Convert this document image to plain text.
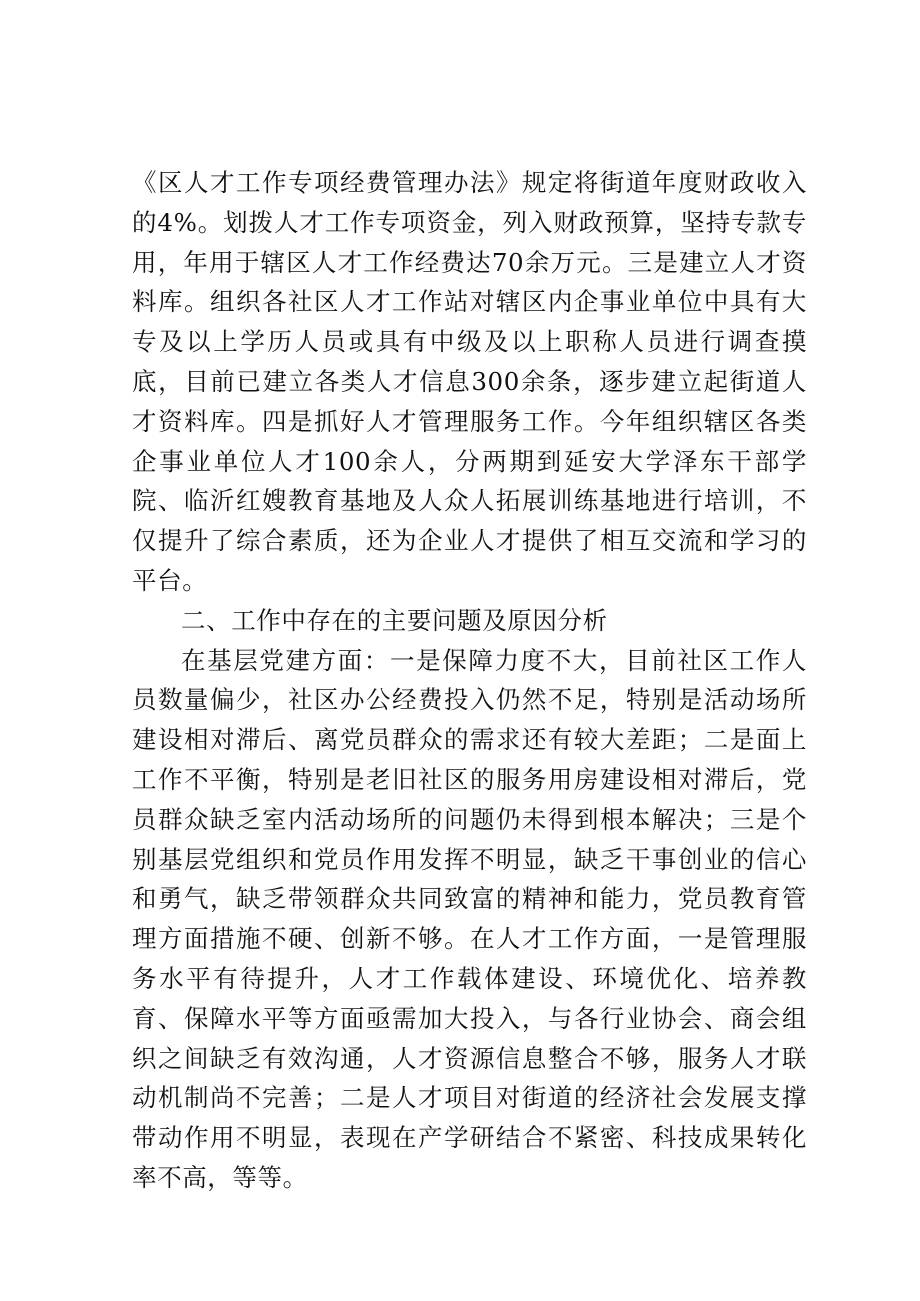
《区人才工作专项经费管理办法》规定将街道年度财政收入的4%。划拨人才工作专项资金，列入财政预算，坚持专款专用，年用于辖区人才工作经费达70余万元。三是建立人才资料库。组织各社区人才工作站对辖区内企事业单位中具有大专及以上学历人员或具有中级及以上职称人员进行调查摸底，目前已建立各类人才信息300余条，逐步建立起街道人才资料库。四是抓好人才管理服务工作。今年组织辖区各类企事业单位人才100余人，分两期到延安大学泽东干部学院、临沂红嫂教育基地及人众人拓展训练基地进行培训，不仅提升了综合素质，还为企业人才提供了相互交流和学习的平台。

二、工作中存在的主要问题及原因分析

在基层党建方面：一是保障力度不大，目前社区工作人员数量偏少，社区办公经费投入仍然不足，特别是活动场所建设相对滞后、离党员群众的需求还有较大差距；二是面上工作不平衡，特别是老旧社区的服务用房建设相对滞后，党员群众缺乏室内活动场所的问题仍未得到根本解决；三是个别基层党组织和党员作用发挥不明显，缺乏干事创业的信心和勇气，缺乏带领群众共同致富的精神和能力，党员教育管理方面措施不硬、创新不够。在人才工作方面，一是管理服务水平有待提升，人才工作载体建设、环境优化、培养教育、保障水平等方面亟需加大投入，与各行业协会、商会组织之间缺乏有效沟通，人才资源信息整合不够，服务人才联动机制尚不完善；二是人才项目对街道的经济社会发展支撑带动作用不明显，表现在产学研结合不紧密、科技成果转化率不高，等等。
